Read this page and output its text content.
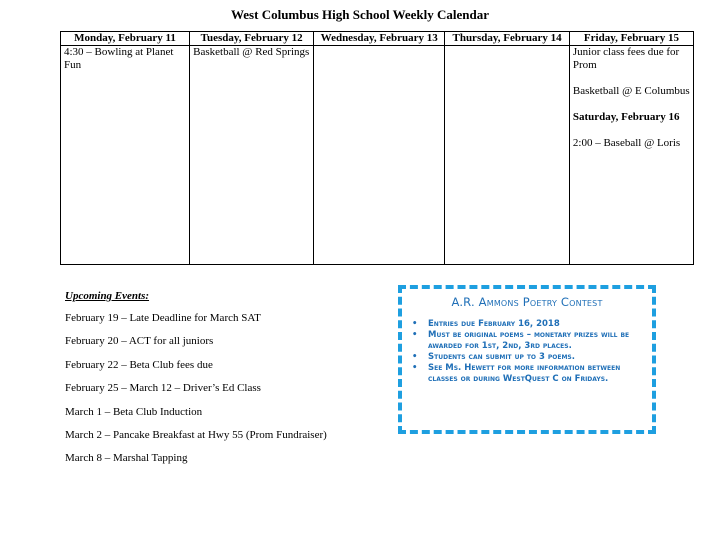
West Columbus High School Weekly Calendar
Monday, February 11	Tuesday, February 12	Wednesday, February 13	Thursday, February 14	Friday, February 15

4:30 – Bowling at Planet Fun	Basketball @ Red Springs			Junior class fees due for Prom
Basketball @ E Columbus
Saturday, February 16
2:00 – Baseball @ Loris
Upcoming Events:
February 19 – Late Deadline for March SAT
February 20 – ACT for all juniors
February 22 – Beta Club fees due
February 25 – March 12 – Driver’s Ed Class
March 1 – Beta Club Induction
March 2 – Pancake Breakfast at Hwy 55 (Prom Fundraiser)
March 8 – Marshal Tapping
A.R. Ammons Poetry Contest
• Entries due February 16, 2018
• Must be original poems – monetary prizes will be awarded for 1st, 2nd, 3rd places.
• Students can submit up to 3 poems.
• See Ms. Hewett for more information between classes or during WestQuest C on Fridays.
